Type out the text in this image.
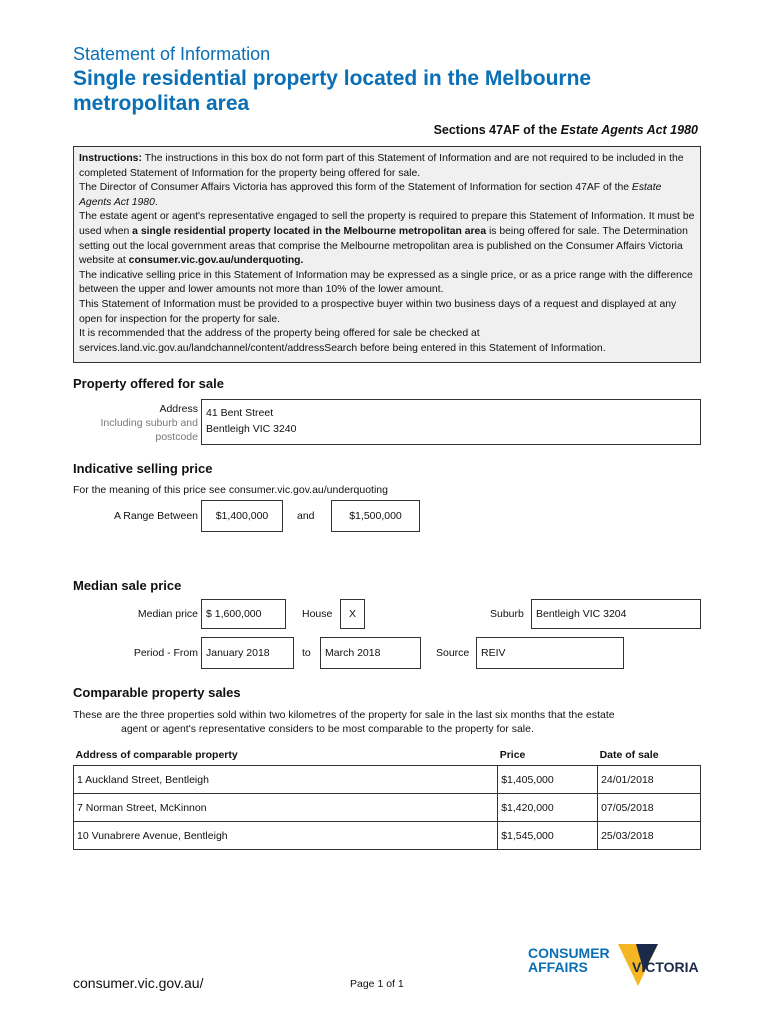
Statement of Information
Single residential property located in the Melbourne metropolitan area
Sections 47AF of the Estate Agents Act 1980

Instructions: The instructions in this box do not form part of this Statement of Information and are not required to be included in the completed Statement of Information for the property being offered for sale.

The Director of Consumer Affairs Victoria has approved this form of the Statement of Information for section 47AF of the Estate Agents Act 1980.

The estate agent or agent's representative engaged to sell the property is required to prepare this Statement of Information. It must be used when a single residential property located in the Melbourne metropolitan area is being offered for sale. The Determination setting out the local government areas that comprise the Melbourne metropolitan area is published on the Consumer Affairs Victoria website at consumer.vic.gov.au/underquoting.

The indicative selling price in this Statement of Information may be expressed as a single price, or as a price range with the difference between the upper and lower amounts not more than 10% of the lower amount.

This Statement of Information must be provided to a prospective buyer within two business days of a request and displayed at any open for inspection for the property for sale.

It is recommended that the address of the property being offered for sale be checked at services.land.vic.gov.au/landchannel/content/addressSearch before being entered in this Statement of Information.

Property offered for sale
Address
Including suburb and
postcode
41 Bent Street
Bentleigh VIC 3240
Indicative selling price
For the meaning of this price see consumer.vic.gov.au/underquoting
A Range Between	$1,400,000	and	$1,500,000
Median sale price
Median price $ 1,600,000	House	X	Suburb	Bentleigh VIC 3204
Period - From January 2018	to	March 2018	Source	REIV
Comparable property sales
These are the three properties sold within two kilometres of the property for sale in the last six months that the estate
agent or agent's representative considers to be most comparable to the property for sale.
Address of comparable property	Price	Date of sale
1 Auckland Street, Bentleigh	$1,405,000	24/01/2018
7 Norman Street, McKinnon	$1,420,000	07/05/2018
10 Vunabrere Avenue, Bentleigh	$1,545,000	25/03/2018
consumer.vic.gov.au/	Page 1 of 1
CONSUMER
AFFAIRS	VICTORIA
